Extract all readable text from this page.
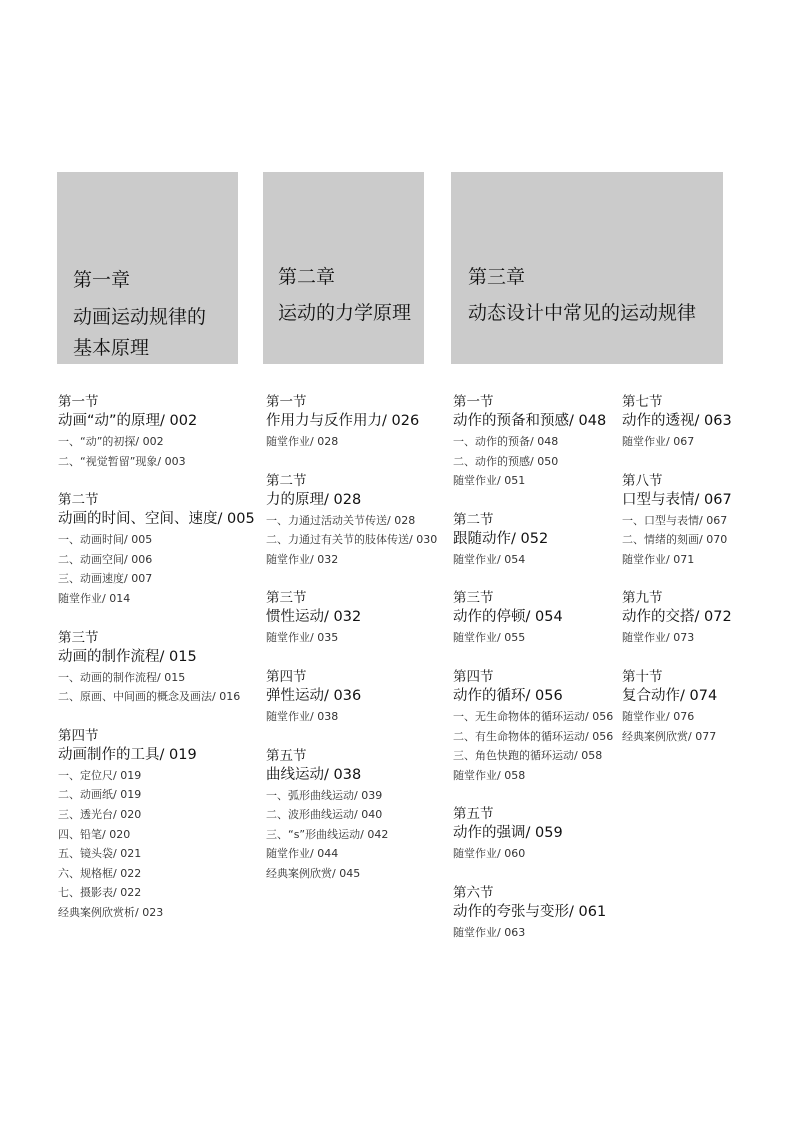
第一章
动画运动规律的
基本原理
第二章
运动的力学原理
第三章
动态设计中常见的运动规律
第一节
动画“动”的原理/ 002
一、“动”的初探/ 002
二、“视觉暂留”现象/ 003
第二节
动画的时间、空间、速度/ 005
一、动画时间/ 005
二、动画空间/ 006
三、动画速度/ 007
随堂作业/ 014
第三节
动画的制作流程/ 015
一、动画的制作流程/ 015
二、原画、中间画的概念及画法/ 016
第四节
动画制作的工具/ 019
一、定位尺/ 019
二、动画纸/ 019
三、透光台/ 020
四、铅笔/ 020
五、镜头袋/ 021
六、规格框/ 022
七、摄影表/ 022
经典案例欣赏析/ 023
第一节
作用力与反作用力/ 026
随堂作业/ 028
第二节
力的原理/ 028
一、力通过活动关节传送/ 028
二、力通过有关节的肢体传送/ 030
随堂作业/ 032
第三节
惯性运动/ 032
随堂作业/ 035
第四节
弹性运动/ 036
随堂作业/ 038
第五节
曲线运动/ 038
一、弧形曲线运动/ 039
二、波形曲线运动/ 040
三、“s”形曲线运动/ 042
随堂作业/ 044
经典案例欣赏/ 045
第一节
动作的预备和预感/ 048
一、动作的预备/ 048
二、动作的预感/ 050
随堂作业/ 051
第二节
跟随动作/ 052
随堂作业/ 054
第三节
动作的停顿/ 054
随堂作业/ 055
第四节
动作的循环/ 056
一、无生命物体的循环运动/ 056
二、有生命物体的循环运动/ 056
三、角色快跑的循环运动/ 058
随堂作业/ 058
第五节
动作的强调/ 059
随堂作业/ 060
第六节
动作的夸张与变形/ 061
随堂作业/ 063
第七节
动作的透视/ 063
随堂作业/ 067
第八节
口型与表情/ 067
一、口型与表情/ 067
二、情绪的刻画/ 070
随堂作业/ 071
第九节
动作的交搭/ 072
随堂作业/ 073
第十节
复合动作/ 074
随堂作业/ 076
经典案例欣赏/ 077
